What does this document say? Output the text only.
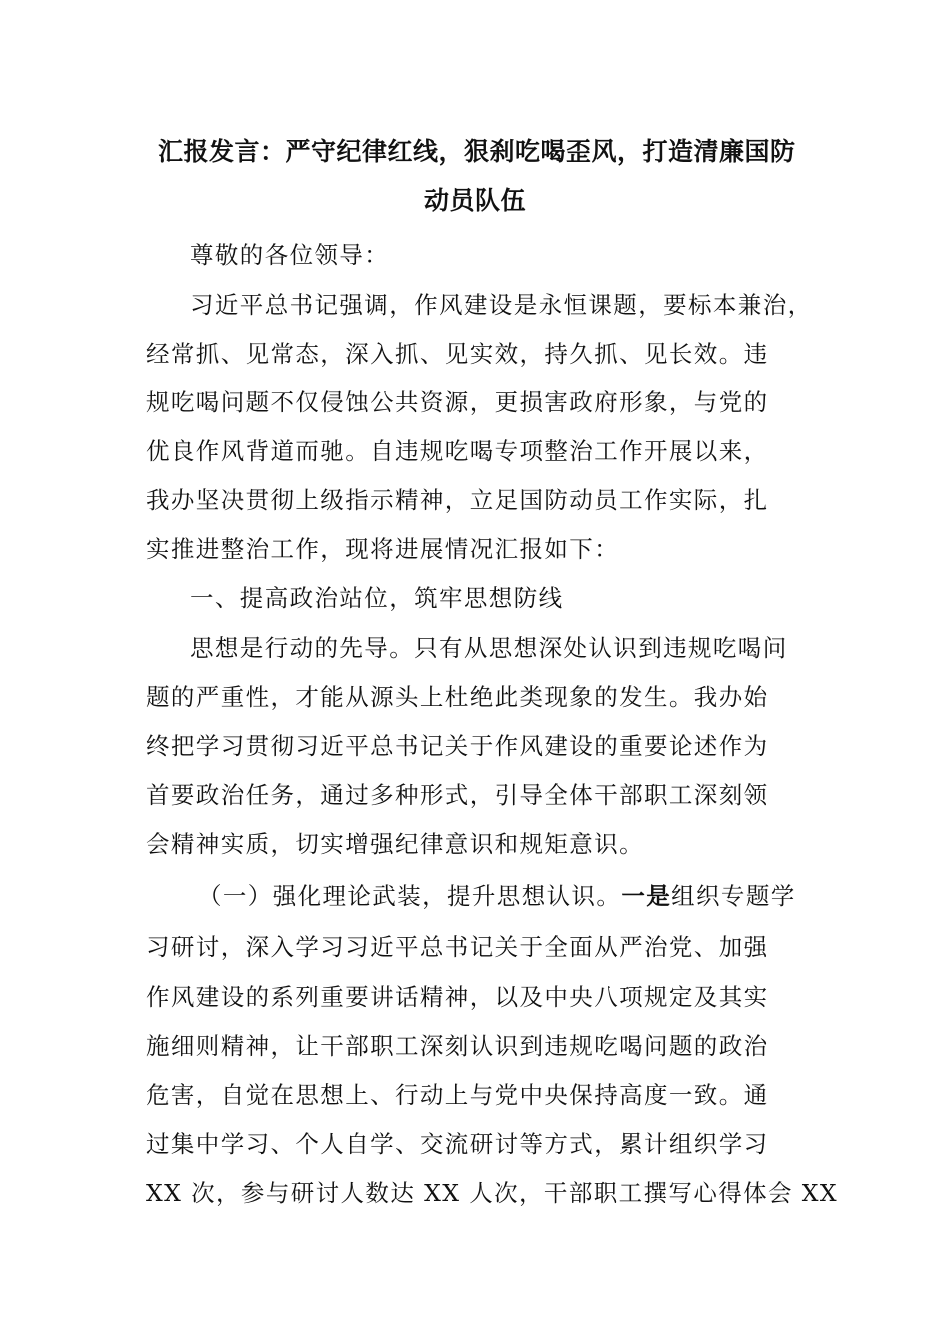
汇报发言：严守纪律红线，狠刹吃喝歪风，打造清廉国防
动员队伍
尊敬的各位领导：
习近平总书记强调，作风建设是永恒课题，要标本兼治，
经常抓、见常态，深入抓、见实效，持久抓、见长效。违
规吃喝问题不仅侵蚀公共资源，更损害政府形象，与党的
优良作风背道而驰。自违规吃喝专项整治工作开展以来，
我办坚决贯彻上级指示精神，立足国防动员工作实际，扎
实推进整治工作，现将进展情况汇报如下：
一、提高政治站位，筑牢思想防线
思想是行动的先导。只有从思想深处认识到违规吃喝问
题的严重性，才能从源头上杜绝此类现象的发生。我办始
终把学习贯彻习近平总书记关于作风建设的重要论述作为
首要政治任务，通过多种形式，引导全体干部职工深刻领
会精神实质，切实增强纪律意识和规矩意识。
（一）强化理论武装，提升思想认识。一是组织专题学
习研讨，深入学习习近平总书记关于全面从严治党、加强
作风建设的系列重要讲话精神，以及中央八项规定及其实
施细则精神，让干部职工深刻认识到违规吃喝问题的政治
危害，自觉在思想上、行动上与党中央保持高度一致。通
过集中学习、个人自学、交流研讨等方式，累计组织学习
XX 次，参与研讨人数达 XX 人次，干部职工撰写心得体会 XX
